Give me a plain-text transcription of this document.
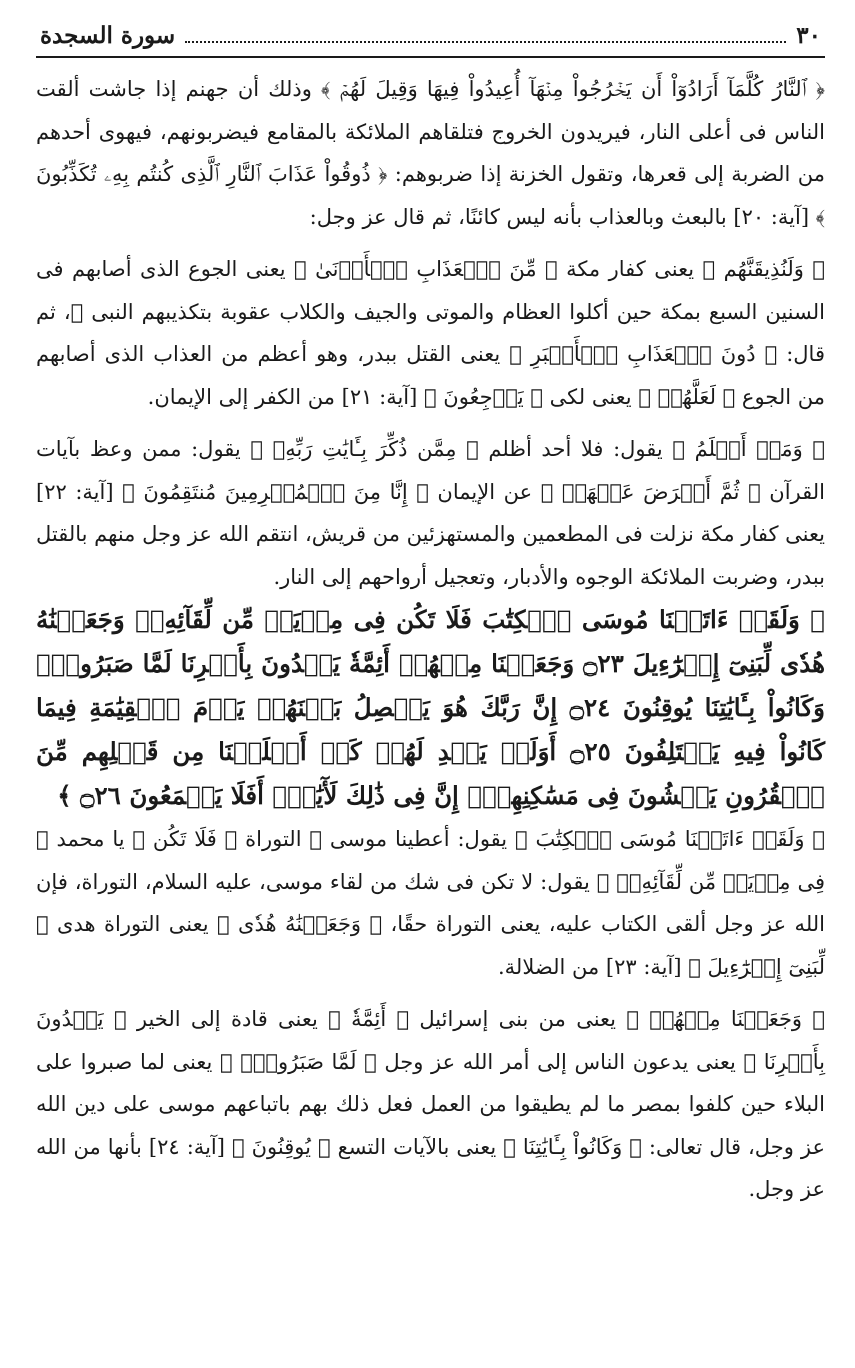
٣٠
سورة السجدة

﴿ ٱلنَّارُ كُلَّمَآ أَرَادُوٓاْ أَن يَخۡرُجُواْ مِنۡهَآ أُعِيدُواْ فِيهَا وَقِيلَ لَهُمۡ ﴾ وذلك أن جهنم إذا جاشت ألقت الناس فى أعلى النار، فيريدون الخروج فتلقاهم الملائكة بالمقامع فيضربونهم، فيهوى أحدهم من الضربة إلى قعرها، وتقول الخزنة إذا ضربوهم: ﴿ ذُوقُواْ عَذَابَ ٱلنَّارِ ٱلَّذِى كُنتُم بِهِۦ تُكَذِّبُونَ ﴾ [آية: ٢٠] بالبعث وبالعذاب بأنه ليس كائنًا، ثم قال عز وجل:

﴿ وَلَنُذِيقَنَّهُم ﴾ يعنى كفار مكة ﴿ مِّنَ ٱلۡعَذَابِ ٱلۡأَدۡنَىٰ ﴾ يعنى الجوع الذى أصابهم فى السنين السبع بمكة حين أكلوا العظام والموتى والجيف والكلاب عقوبة بتكذيبهم النبى ﷺ، ثم قال: ﴿ دُونَ ٱلۡعَذَابِ ٱلۡأَكۡبَرِ ﴾ يعنى القتل ببدر، وهو أعظم من العذاب الذى أصابهم من الجوع ﴿ لَعَلَّهُمۡ ﴾ يعنى لكى ﴿ يَرۡجِعُونَ ﴾ [آية: ٢١] من الكفر إلى الإيمان.

﴿ وَمَنۡ أَظۡلَمُ ﴾ يقول: فلا أحد أظلم ﴿ مِمَّن ذُكِّرَ بِـَٔايَٰتِ رَبِّهِۦ ﴾ يقول: ممن وعظ بآيات القرآن ﴿ ثُمَّ أَعۡرَضَ عَنۡهَآۚ ﴾ عن الإيمان ﴿ إِنَّا مِنَ ٱلۡمُجۡرِمِينَ مُنتَقِمُونَ ﴾ [آية: ٢٢] يعنى كفار مكة نزلت فى المطعمين والمستهزئين من قريش، انتقم الله عز وجل منهم بالقتل ببدر، وضربت الملائكة الوجوه والأدبار، وتعجيل أرواحهم إلى النار.

﴿ وَلَقَدۡ ءَاتَيۡنَا مُوسَى ٱلۡكِتَٰبَ فَلَا تَكُن فِى مِرۡيَةٖ مِّن لِّقَآئِهِۦۖ وَجَعَلۡنَٰهُ هُدٗى لِّبَنِىٓ إِسۡرَٰٓءِيلَ ۝٢٣ وَجَعَلۡنَا مِنۡهُمۡ أَئِمَّةٗ يَهۡدُونَ بِأَمۡرِنَا لَمَّا صَبَرُواْۖ وَكَانُواْ بِـَٔايَٰتِنَا يُوقِنُونَ ۝٢٤ إِنَّ رَبَّكَ هُوَ يَفۡصِلُ بَيۡنَهُمۡ يَوۡمَ ٱلۡقِيَٰمَةِ فِيمَا كَانُواْ فِيهِ يَخۡتَلِفُونَ ۝٢٥ أَوَلَمۡ يَهۡدِ لَهُمۡ كَمۡ أَهۡلَكۡنَا مِن قَبۡلِهِم مِّنَ ٱلۡقُرُونِ يَمۡشُونَ فِى مَسَٰكِنِهِمۡۚ إِنَّ فِى ذَٰلِكَ لَأٓيَٰتٍۚ أَفَلَا يَسۡمَعُونَ ۝٢٦ ﴾

﴿ وَلَقَدۡ ءَاتَيۡنَا مُوسَى ٱلۡكِتَٰبَ ﴾ يقول: أعطينا موسى ﷺ التوراة ﴿ فَلَا تَكُن ﴾ يا محمد ﴿ فِى مِرۡيَةٖ مِّن لِّقَآئِهِۦۖ ﴾ يقول: لا تكن فى شك من لقاء موسى، عليه السلام، التوراة، فإن الله عز وجل ألقى الكتاب عليه، يعنى التوراة حقًا، ﴿ وَجَعَلۡنَٰهُ هُدٗى ﴾ يعنى التوراة هدى ﴿ لِّبَنِىٓ إِسۡرَٰٓءِيلَ ﴾ [آية: ٢٣] من الضلالة.

﴿ وَجَعَلۡنَا مِنۡهُمۡ ﴾ يعنى من بنى إسرائيل ﴿ أَئِمَّةٗ ﴾ يعنى قادة إلى الخير ﴿ يَهۡدُونَ بِأَمۡرِنَا ﴾ يعنى يدعون الناس إلى أمر الله عز وجل ﴿ لَمَّا صَبَرُواْۖ ﴾ يعنى لما صبروا على البلاء حين كلفوا بمصر ما لم يطيقوا من العمل فعل ذلك بهم باتباعهم موسى على دين الله عز وجل، قال تعالى: ﴿ وَكَانُواْ بِـَٔايَٰتِنَا ﴾ يعنى بالآيات التسع ﴿ يُوقِنُونَ ﴾ [آية: ٢٤] بأنها من الله عز وجل.
